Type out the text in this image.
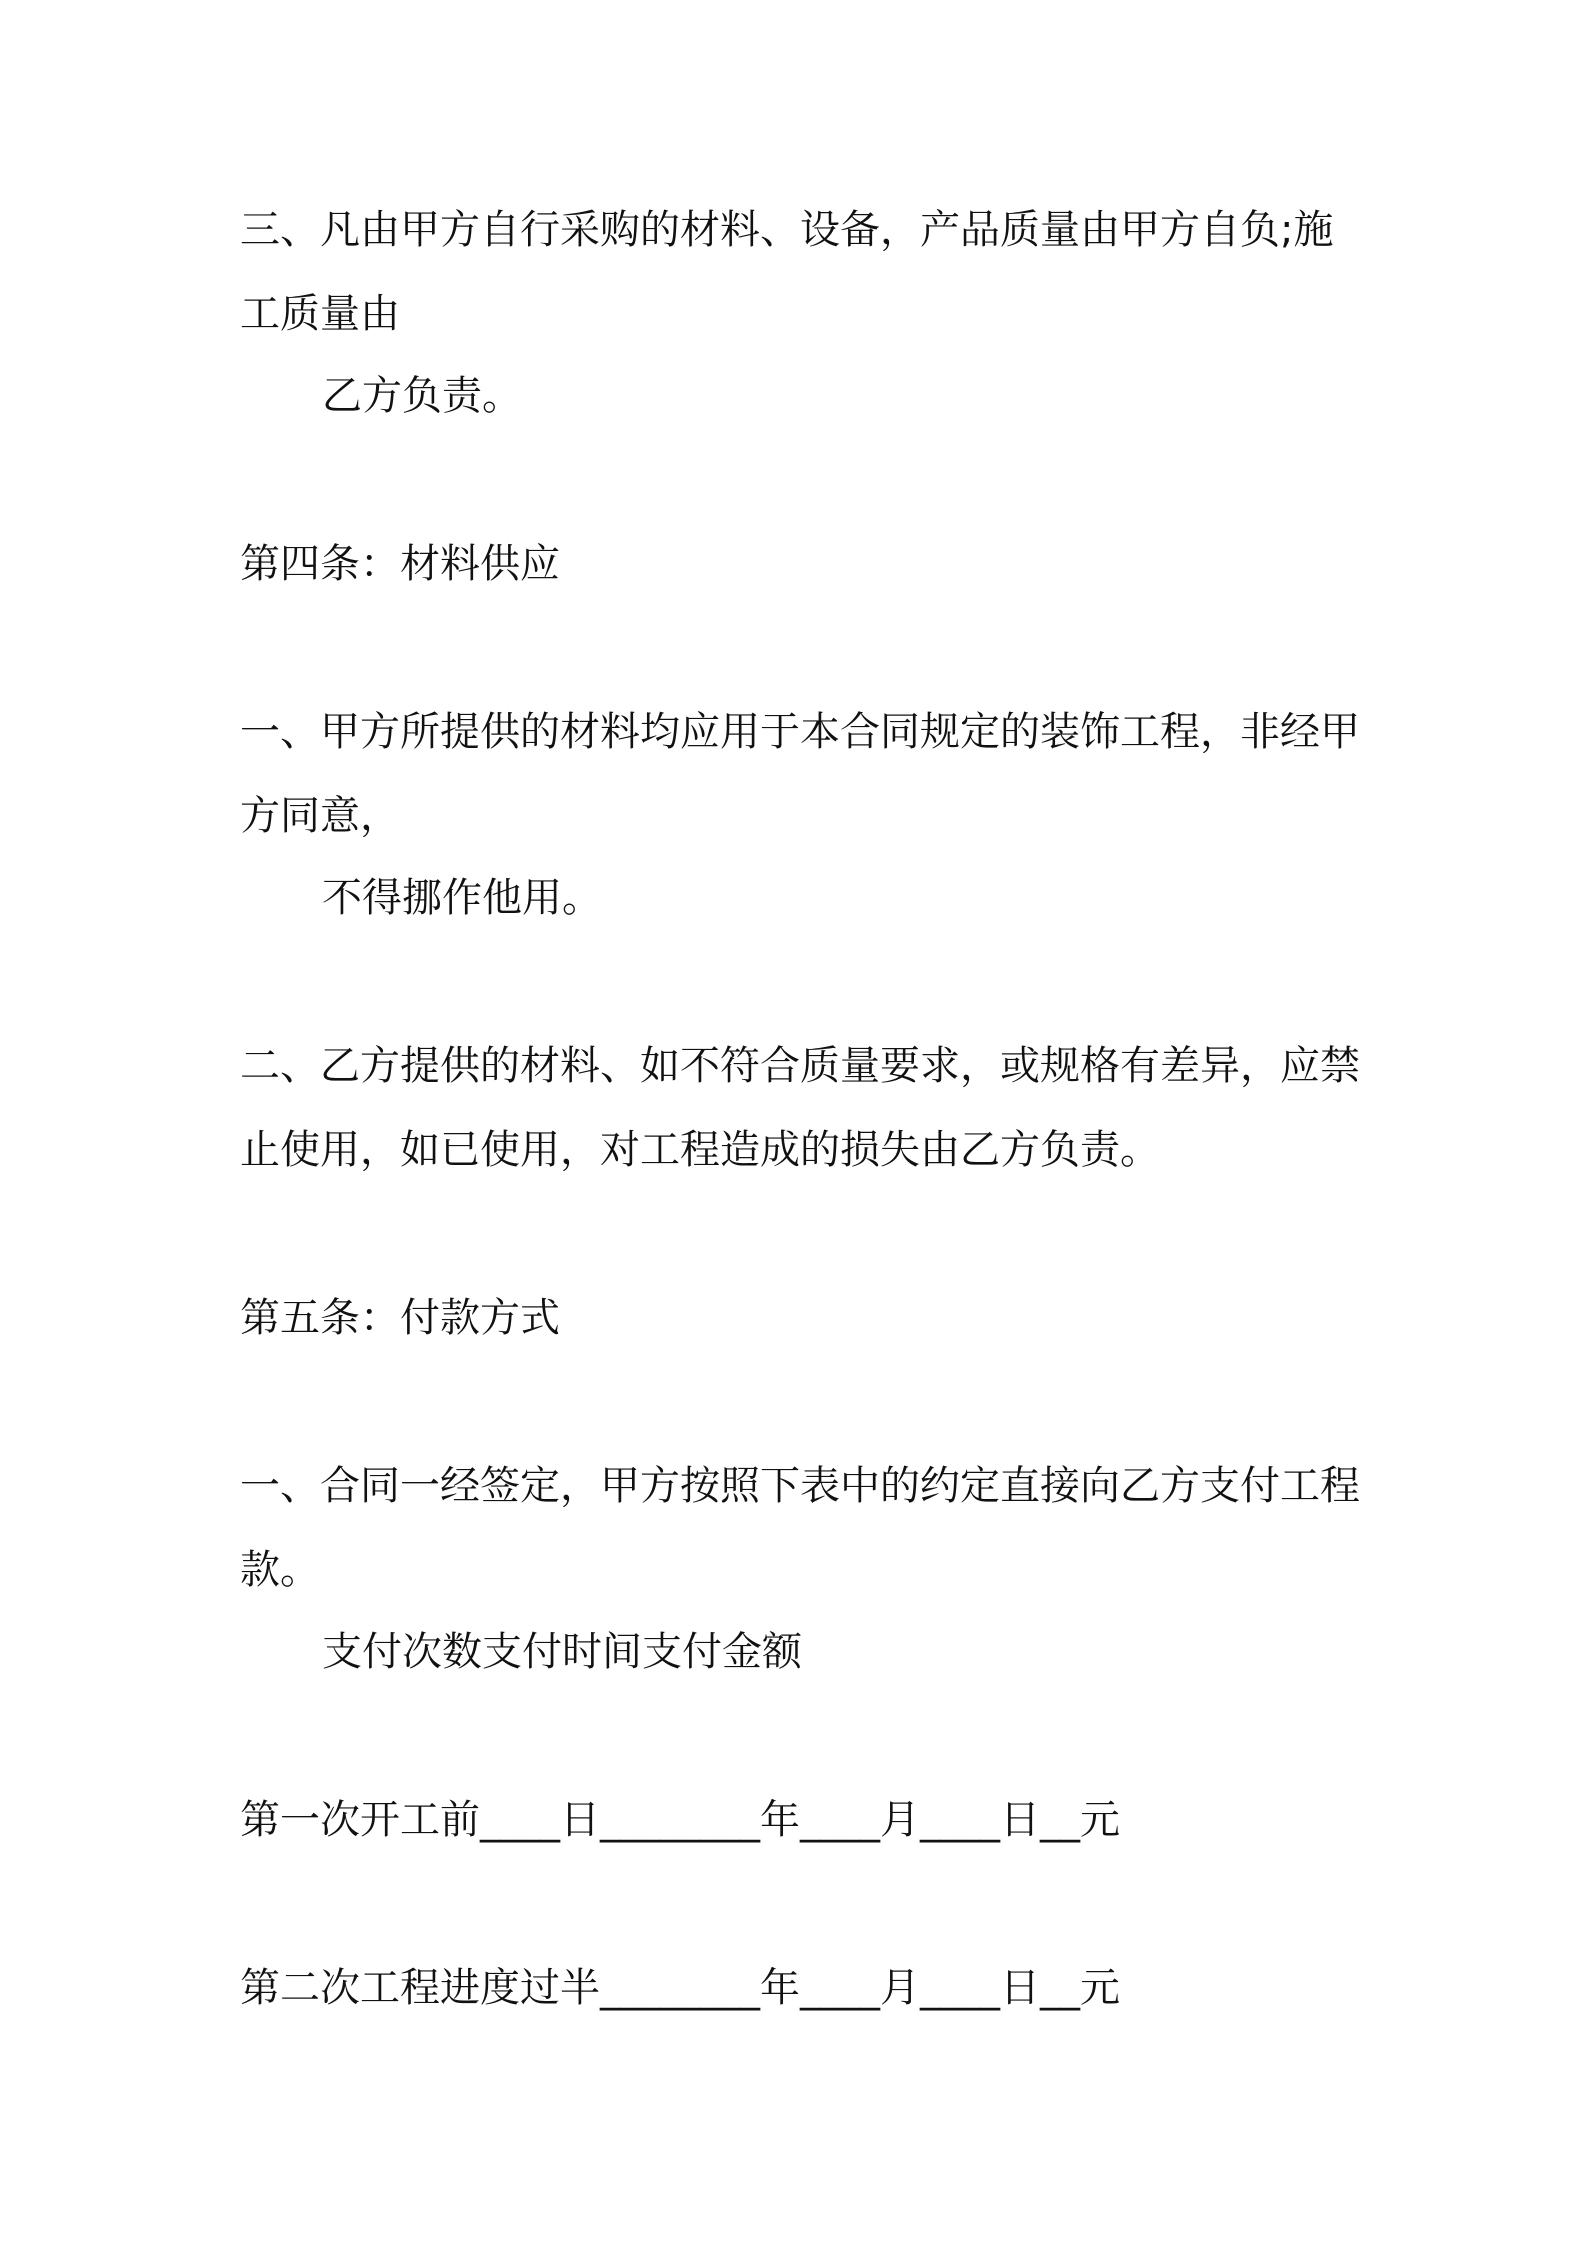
三、凡由甲方自行采购的材料、设备，产品质量由甲方自负;施
工质量由
乙方负责。
第四条：材料供应
一、甲方所提供的材料均应用于本合同规定的装饰工程，非经甲
方同意，
不得挪作他用。
二、乙方提供的材料、如不符合质量要求，或规格有差异，应禁
止使用，如已使用，对工程造成的损失由乙方负责。
第五条：付款方式
一、合同一经签定，甲方按照下表中的约定直接向乙方支付工程
款。
支付次数支付时间支付金额
第一次开工前____日________年____月____日__元
第二次工程进度过半________年____月____日__元
